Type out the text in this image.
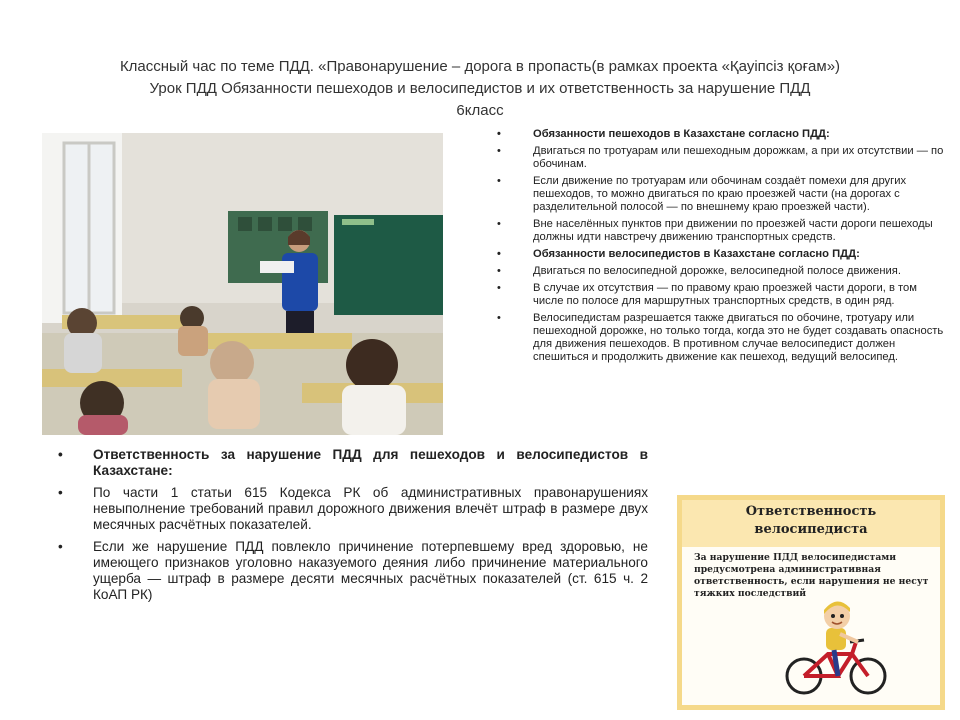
Классный час по теме ПДД. «Правонарушение – дорога в пропасть(в рамках проекта «Қауіпсіз қоғам»)
Урок ПДД Обязанности пешеходов и велосипедистов и их ответственность за нарушение ПДД
6класс
• Обязанности пешеходов в Казахстане согласно ПДД:
• Двигаться по тротуарам или пешеходным дорожкам, а при их отсутствии — по обочинам.
• Если движение по тротуарам или обочинам создаёт помехи для других пешеходов, то можно двигаться по краю проезжей части (на дорогах с разделительной полосой — по внешнему краю проезжей части).
• Вне населённых пунктов при движении по проезжей части дороги пешеходы должны идти навстречу движению транспортных средств.
• Обязанности велосипедистов в Казахстане согласно ПДД:
• Двигаться по велосипедной дорожке, велосипедной полосе движения.
• В случае их отсутствия — по правому краю проезжей части дороги, в том числе по полосе для маршрутных транспортных средств, в один ряд.
• Велосипедистам разрешается также двигаться по обочине, тротуару или пешеходной дорожке, но только тогда, когда это не будет создавать опасность для движения пешеходов. В противном случае велосипедист должен спешиться и продолжить движение как пешеход, ведущий велосипед.
• Ответственность за нарушение ПДД для пешеходов и велосипедистов в Казахстане:
• По части 1 статьи 615 Кодекса РК об административных правонарушениях невыполнение требований правил дорожного движения влечёт штраф в размере двух месячных расчётных показателей.
• Если же нарушение ПДД повлекло причинение потерпевшему вред здоровью, не имеющего признаков уголовно наказуемого деяния либо причинение материального ущерба — штраф в размере десяти месячных расчётных показателей (ст. 615 ч. 2 КоАП РК)
Ответственность
велосипедиста
За нарушение ПДД велосипедистами предусмотрена административная ответственность, если нарушения не несут тяжких последствий
